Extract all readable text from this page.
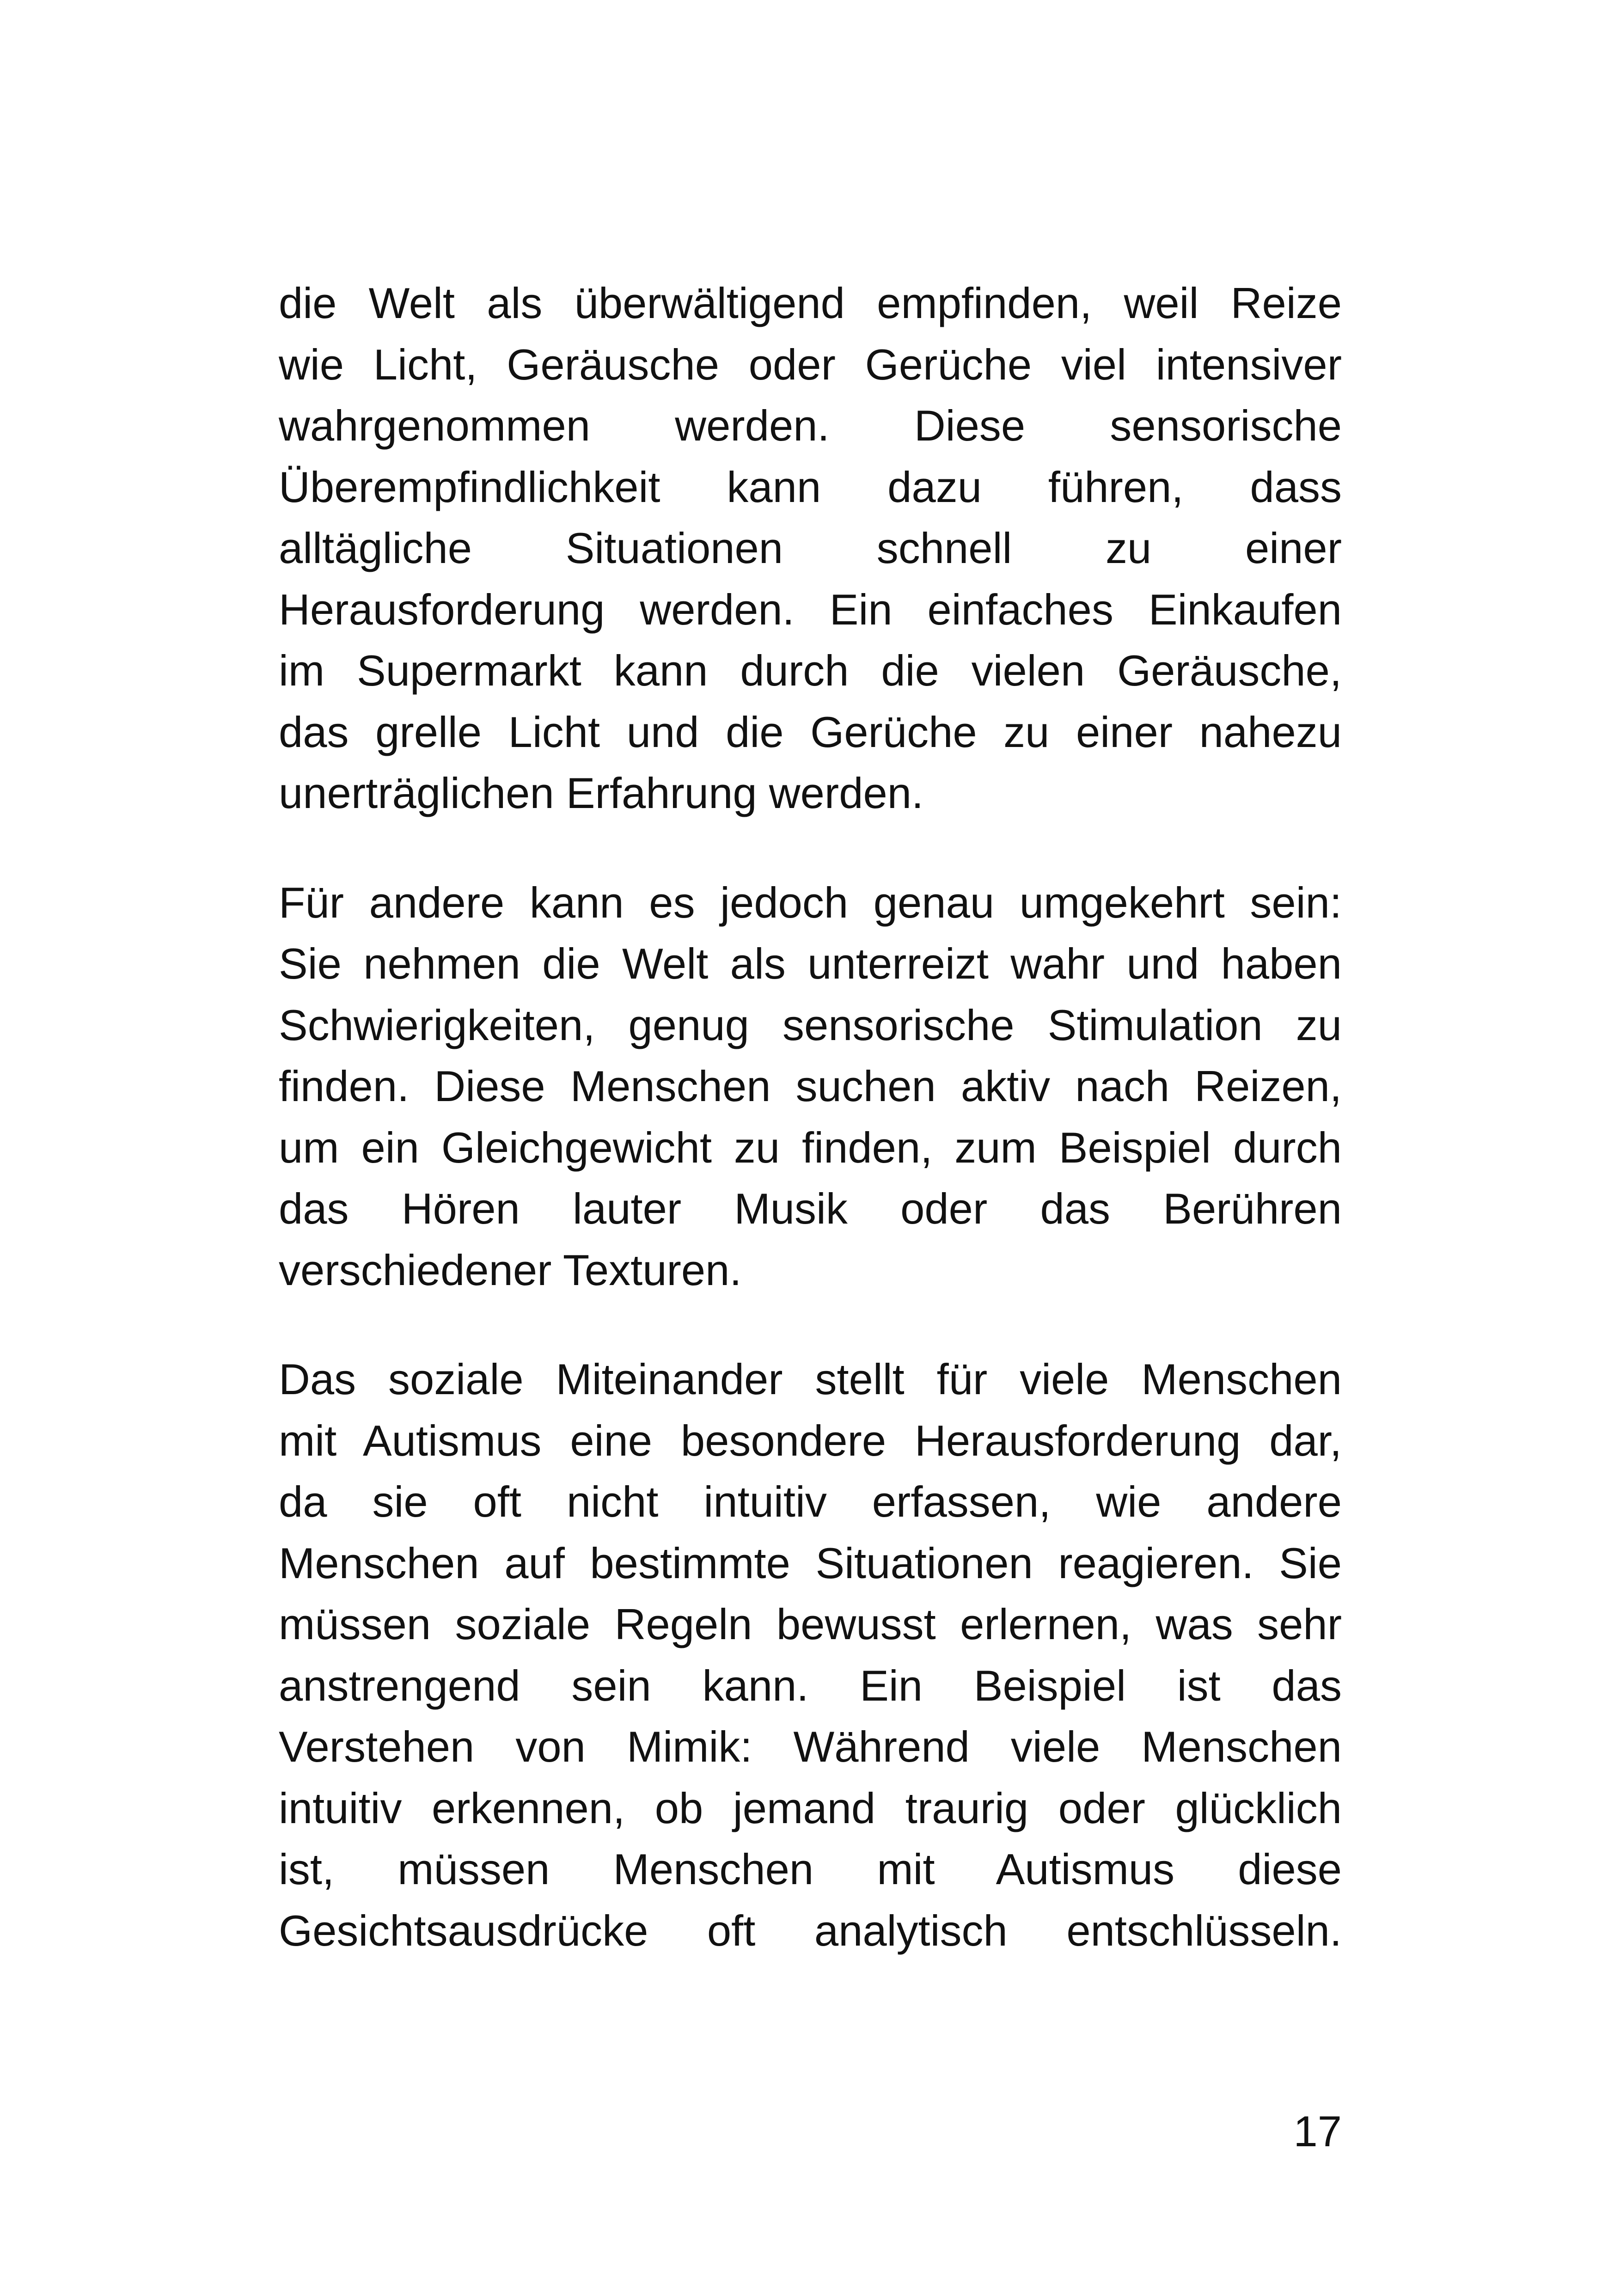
die Welt als überwältigend empfinden, weil Reize
wie Licht, Geräusche oder Gerüche viel intensiver
wahrgenommen werden. Diese sensorische
Überempfindlichkeit kann dazu führen, dass
alltägliche Situationen schnell zu einer
Herausforderung werden. Ein einfaches Einkaufen
im Supermarkt kann durch die vielen Geräusche,
das grelle Licht und die Gerüche zu einer nahezu
unerträglichen Erfahrung werden.
Für andere kann es jedoch genau umgekehrt sein:
Sie nehmen die Welt als unterreizt wahr und haben
Schwierigkeiten, genug sensorische Stimulation zu
finden. Diese Menschen suchen aktiv nach Reizen,
um ein Gleichgewicht zu finden, zum Beispiel durch
das Hören lauter Musik oder das Berühren
verschiedener Texturen.
Das soziale Miteinander stellt für viele Menschen
mit Autismus eine besondere Herausforderung dar,
da sie oft nicht intuitiv erfassen, wie andere
Menschen auf bestimmte Situationen reagieren. Sie
müssen soziale Regeln bewusst erlernen, was sehr
anstrengend sein kann. Ein Beispiel ist das
Verstehen von Mimik: Während viele Menschen
intuitiv erkennen, ob jemand traurig oder glücklich
ist, müssen Menschen mit Autismus diese
Gesichtsausdrücke oft analytisch entschlüsseln.
17
